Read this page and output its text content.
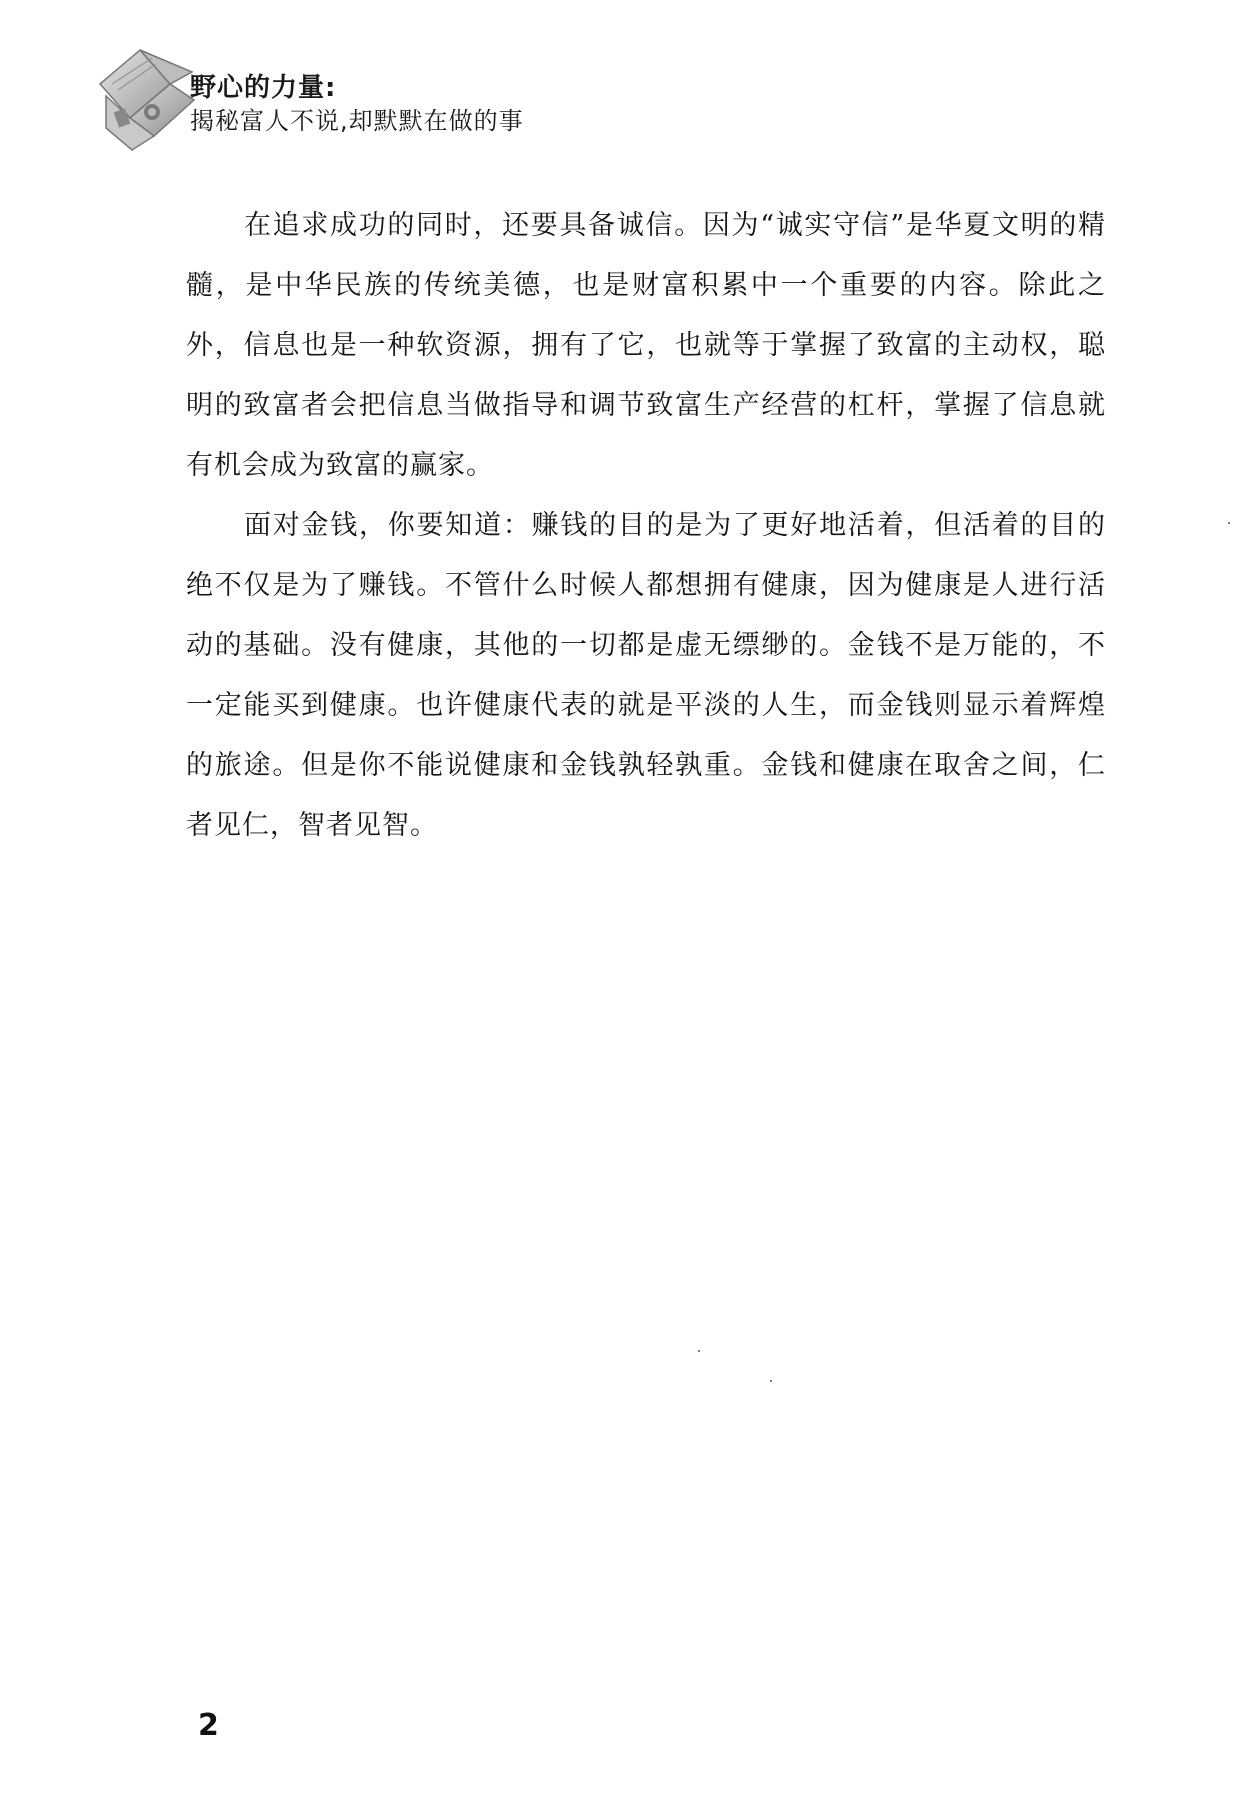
野心的力量:
揭秘富人不说,却默默在做的事

在追求成功的同时，还要具备诚信。因为“诚实守信”是华夏文明的精髓，是中华民族的传统美德，也是财富积累中一个重要的内容。除此之外，信息也是一种软资源，拥有了它，也就等于掌握了致富的主动权，聪明的致富者会把信息当做指导和调节致富生产经营的杠杆，掌握了信息就有机会成为致富的赢家。

面对金钱，你要知道：赚钱的目的是为了更好地活着，但活着的目的绝不仅是为了赚钱。不管什么时候人都想拥有健康，因为健康是人进行活动的基础。没有健康，其他的一切都是虚无缥缈的。金钱不是万能的，不一定能买到健康。也许健康代表的就是平淡的人生，而金钱则显示着辉煌的旅途。但是你不能说健康和金钱孰轻孰重。金钱和健康在取舍之间，仁者见仁，智者见智。

2
